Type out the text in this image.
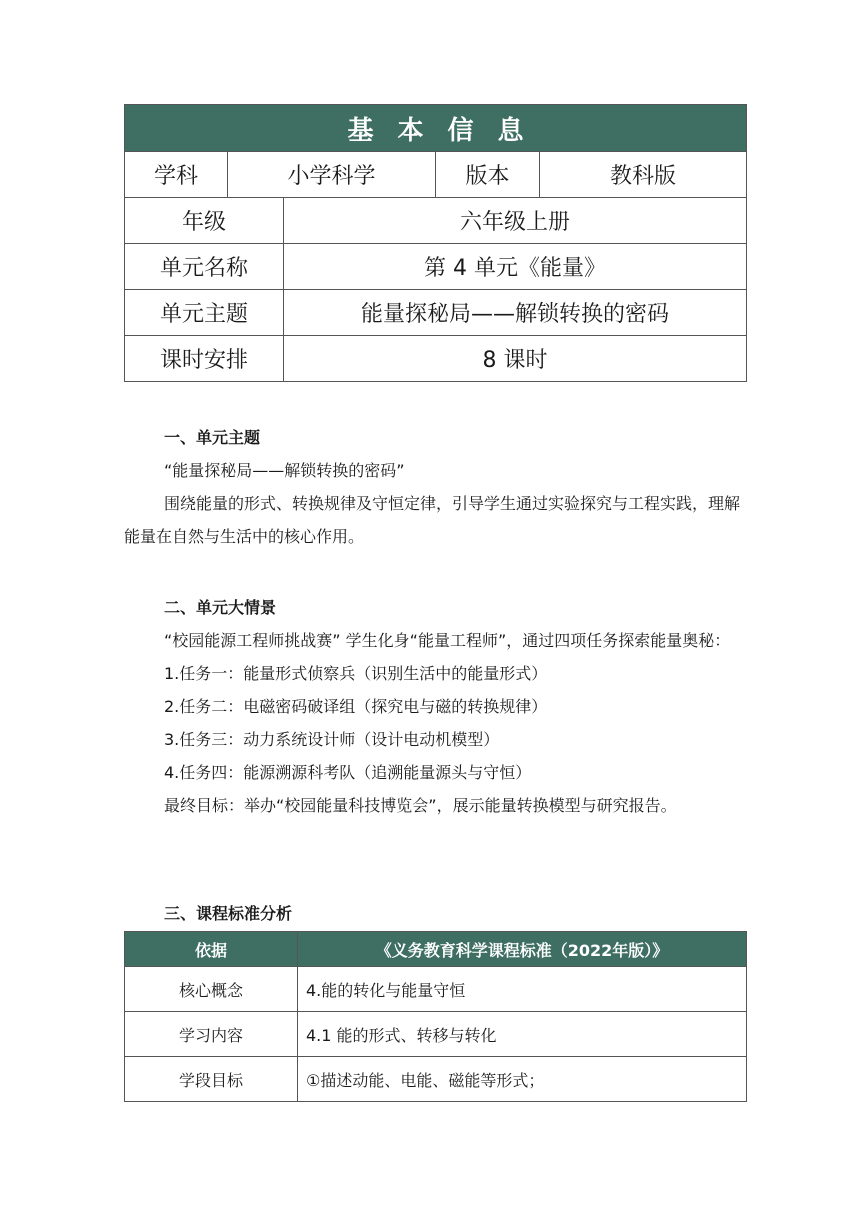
基本信息				
学科	小学科学		版本	教科版
年级		六年级上册		
单元名称		第 4 单元《能量》		
单元主题		能量探秘局——解锁转换的密码		
课时安排		8 课时		
一、单元主题
“能量探秘局——解锁转换的密码”
围绕能量的形式、转换规律及守恒定律，引导学生通过实验探究与工程实践，理解能量在自然与生活中的核心作用。
二、单元大情景
“校园能源工程师挑战赛” 学生化身“能量工程师”，通过四项任务探索能量奥秘：
1.任务一：能量形式侦察兵（识别生活中的能量形式）
2.任务二：电磁密码破译组（探究电与磁的转换规律）
3.任务三：动力系统设计师（设计电动机模型）
4.任务四：能源溯源科考队（追溯能量源头与守恒）
最终目标：举办“校园能量科技博览会”，展示能量转换模型与研究报告。
三、课程标准分析
依据	《义务教育科学课程标准（2022年版）》
核心概念	4.能的转化与能量守恒
学习内容	4.1 能的形式、转移与转化
学段目标	①描述动能、电能、磁能等形式；
